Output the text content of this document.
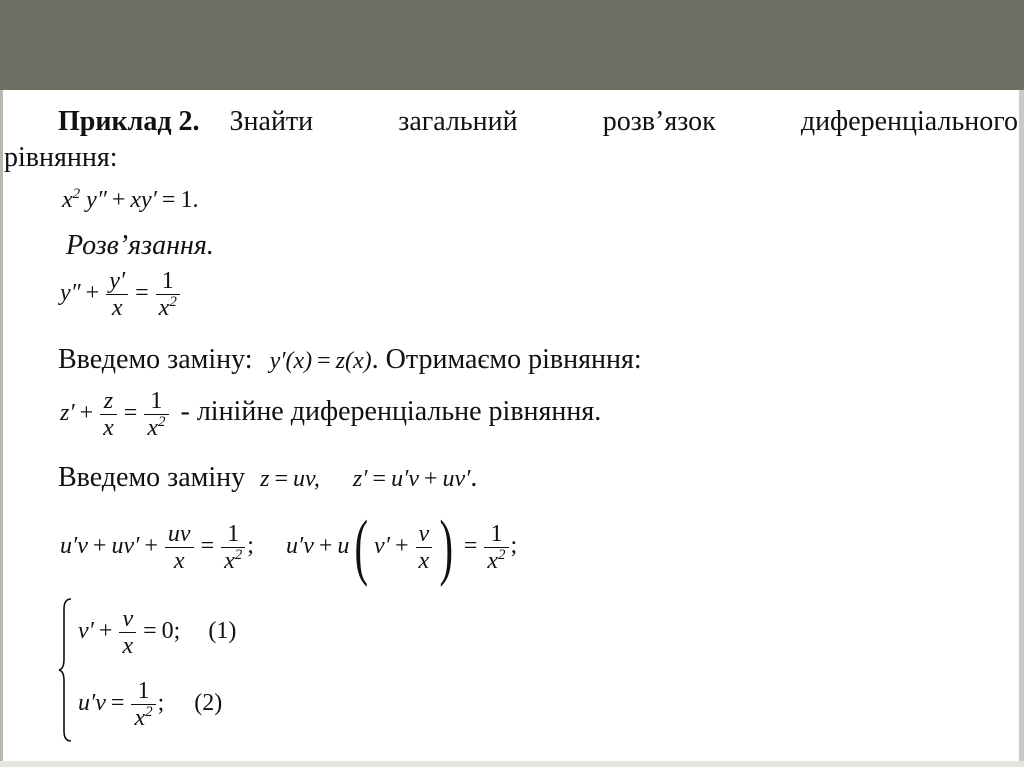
Приклад 2. Знайти загальний розв’язок диференціального
рівняння:
$x^2$ y″ + xy′ = 1.
Розв’язання.
$y'' + \frac{y'}{x} = \frac{1}{x^2}$
Введемо заміну: y′(x) = z(x). Отримаємо рівняння:
$z' + \frac{z}{x} = \frac{1}{x^2}$ - лінійне диференціальне рівняння.
Введемо заміну z = uv, z′ = u′v + uv′.
$u'v + uv' + \frac{uv}{x} = \frac{1}{x^2}$ ; u′v + u( $v' + \frac{v}{x}$ ) = $\frac{1}{x^2}$ ;
$v' + \frac{v}{x} = 0$; (1)
$u'v = \frac{1}{x^2}$ ; (2)
